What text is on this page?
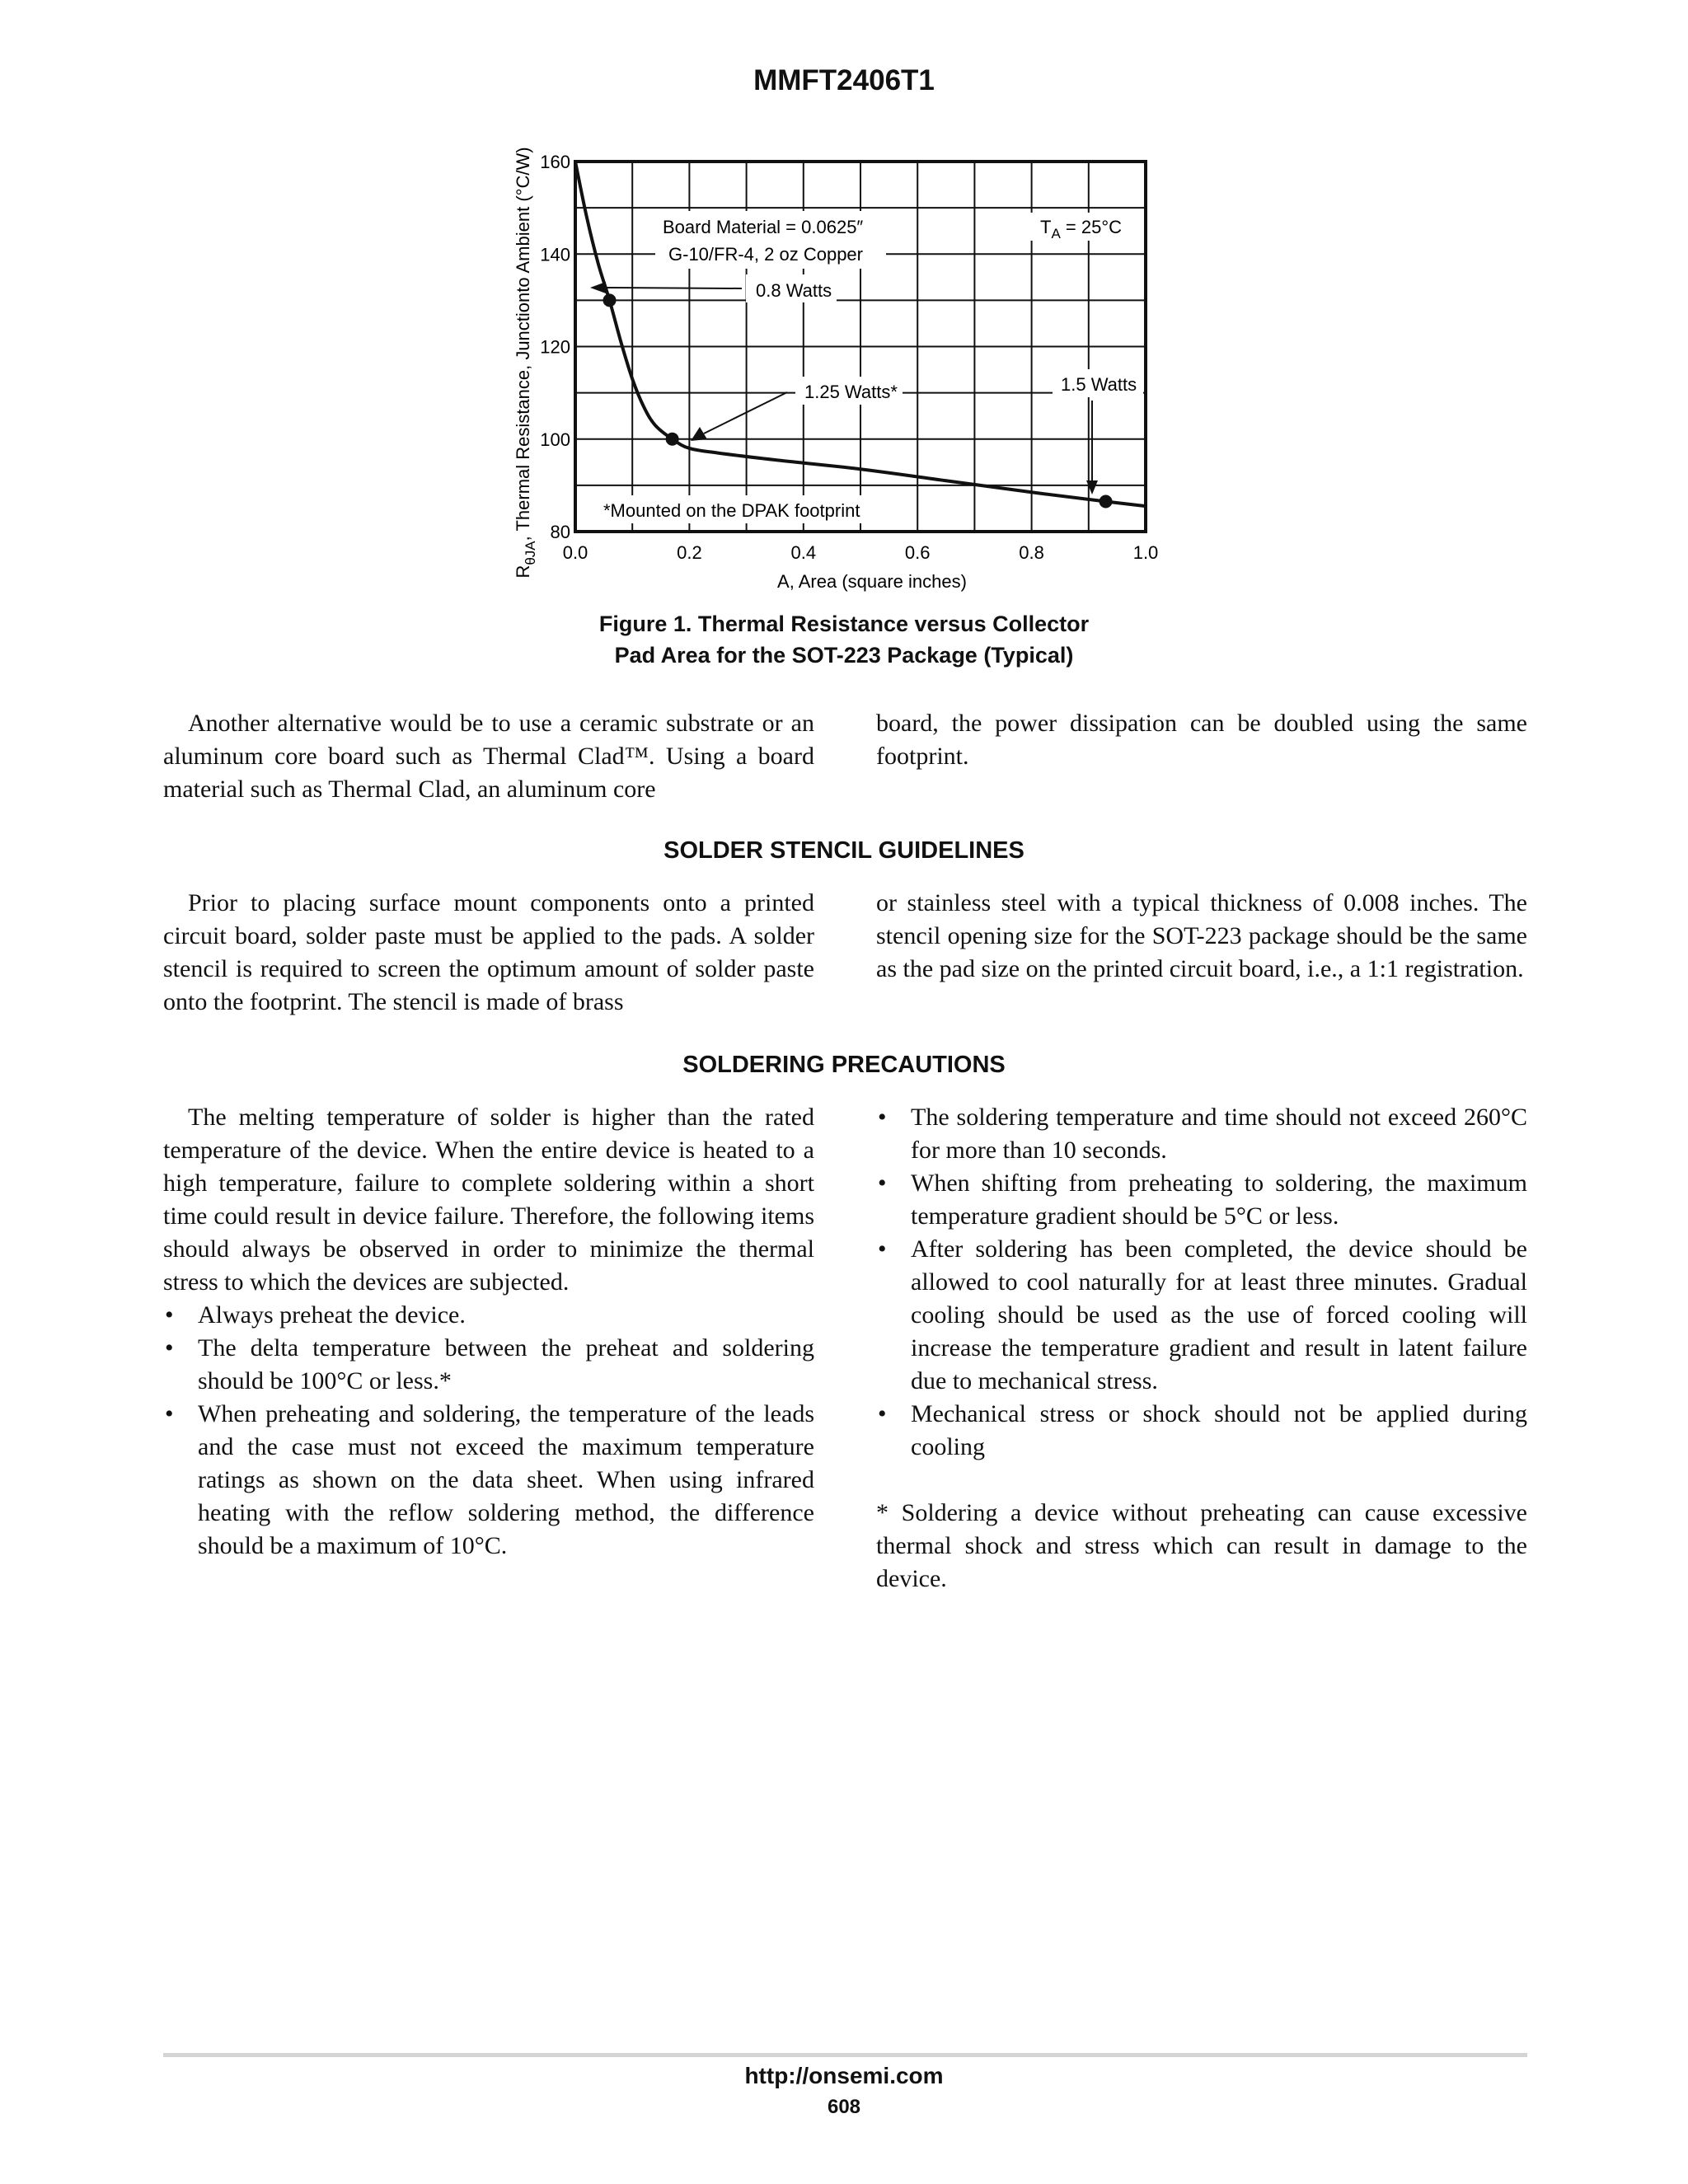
MMFT2406T1
0.0	0.2	0.4	0.6	0.8	1.0
80
100
120
140
160
Board Material = 0.0625″
G-10/FR-4, 2 oz Copper
$T_A = 25^\circ C$
0.8 Watts
1.25 Watts*	1.5 Watts
*Mounted on the DPAK footprint
A, Area (square inches)
$R_{\theta JA}$, Thermal Resistance, Junctionto Ambient (°C/W)
Figure 1. Thermal Resistance versus Collector
Pad Area for the SOT-223 Package (Typical)

Another alternative would be to use a ceramic substrate or an aluminum core board such as Thermal Clad™. Using a board material such as Thermal Clad, an aluminum core

board, the power dissipation can be doubled using the same footprint.

SOLDER STENCIL GUIDELINES

Prior to placing surface mount components onto a printed circuit board, solder paste must be applied to the pads. A solder stencil is required to screen the optimum amount of solder paste onto the footprint. The stencil is made of brass

or stainless steel with a typical thickness of 0.008 inches. The stencil opening size for the SOT-223 package should be the same as the pad size on the printed circuit board, i.e., a 1:1 registration.

SOLDERING PRECAUTIONS

The melting temperature of solder is higher than the rated temperature of the device. When the entire device is heated to a high temperature, failure to complete soldering within a short time could result in device failure. Therefore, the following items should always be observed in order to minimize the thermal stress to which the devices are subjected.

• Always preheat the device.
• The delta temperature between the preheat and soldering should be 100°C or less.*
• When preheating and soldering, the temperature of the leads and the case must not exceed the maximum temperature ratings as shown on the data sheet. When using infrared heating with the reflow soldering method, the difference should be a maximum of 10°C.
• The soldering temperature and time should not exceed 260°C for more than 10 seconds.
• When shifting from preheating to soldering, the maximum temperature gradient should be 5°C or less.
• After soldering has been completed, the device should be allowed to cool naturally for at least three minutes. Gradual cooling should be used as the use of forced cooling will increase the temperature gradient and result in latent failure due to mechanical stress.
• Mechanical stress or shock should not be applied during cooling

* Soldering a device without preheating can cause excessive thermal shock and stress which can result in damage to the device.

http://onsemi.com
608
